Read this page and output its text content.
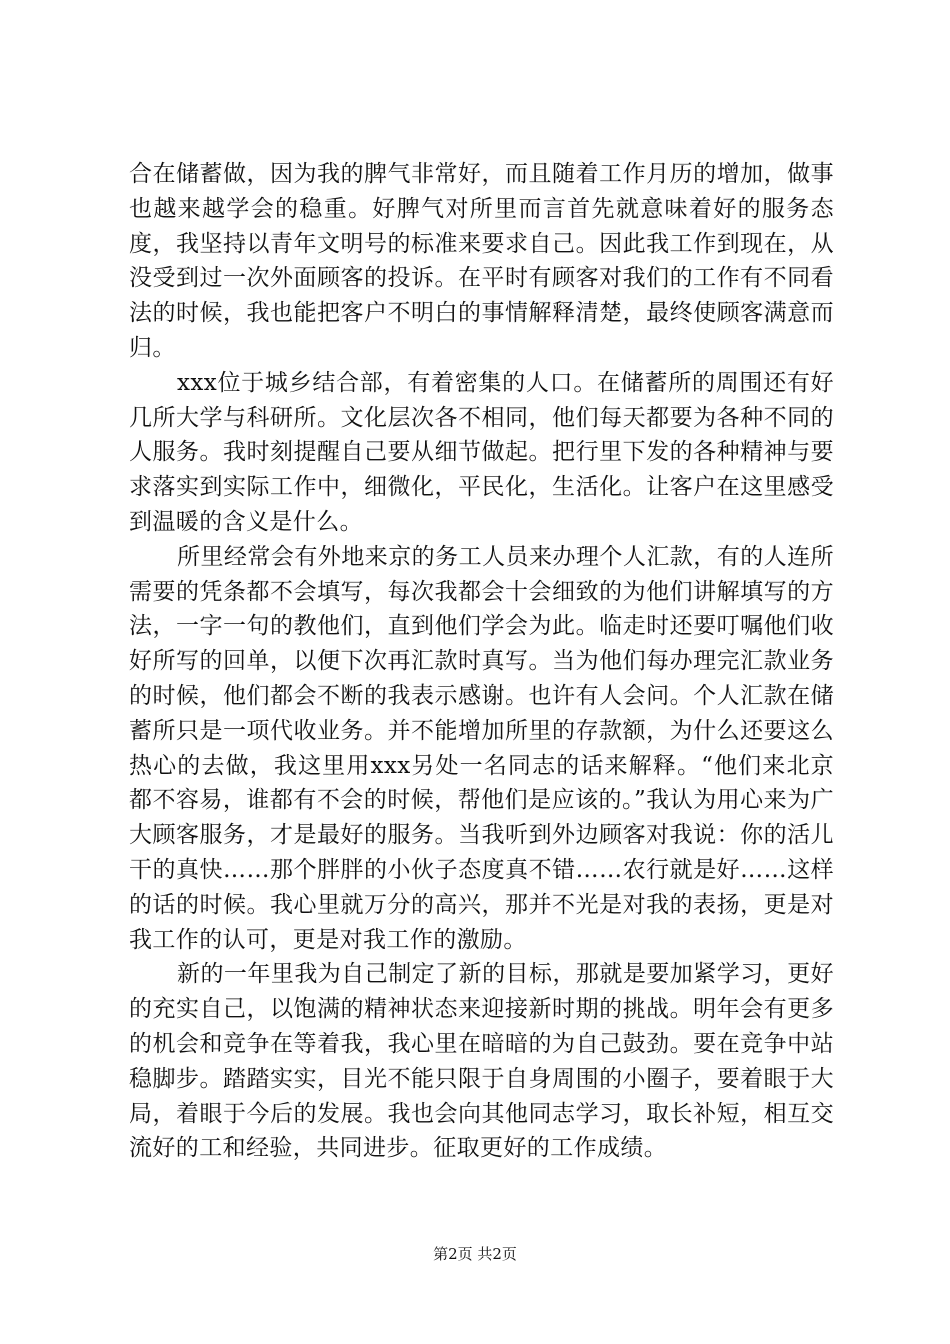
合在储蓄做，因为我的脾气非常好，而且随着工作月历的增加，做事也越来越学会的稳重。好脾气对所里而言首先就意味着好的服务态度，我坚持以青年文明号的标准来要求自己。因此我工作到现在，从没受到过一次外面顾客的投诉。在平时有顾客对我们的工作有不同看法的时候，我也能把客户不明白的事情解释清楚，最终使顾客满意而归。

xxx位于城乡结合部，有着密集的人口。在储蓄所的周围还有好几所大学与科研所。文化层次各不相同，他们每天都要为各种不同的人服务。我时刻提醒自己要从细节做起。把行里下发的各种精神与要求落实到实际工作中，细微化，平民化，生活化。让客户在这里感受到温暖的含义是什么。

所里经常会有外地来京的务工人员来办理个人汇款，有的人连所需要的凭条都不会填写，每次我都会十会细致的为他们讲解填写的方法，一字一句的教他们，直到他们学会为此。临走时还要叮嘱他们收好所写的回单，以便下次再汇款时真写。当为他们每办理完汇款业务的时候，他们都会不断的我表示感谢。也许有人会问。个人汇款在储蓄所只是一项代收业务。并不能增加所里的存款额，为什么还要这么热心的去做，我这里用xxx另处一名同志的话来解释。“他们来北京都不容易，谁都有不会的时候，帮他们是应该的。”我认为用心来为广大顾客服务，才是最好的服务。当我听到外边顾客对我说：你的活儿干的真快……那个胖胖的小伙子态度真不错……农行就是好……这样的话的时候。我心里就万分的高兴，那并不光是对我的表扬，更是对我工作的认可，更是对我工作的激励。

新的一年里我为自己制定了新的目标，那就是要加紧学习，更好的充实自己，以饱满的精神状态来迎接新时期的挑战。明年会有更多的机会和竞争在等着我，我心里在暗暗的为自己鼓劲。要在竞争中站稳脚步。踏踏实实，目光不能只限于自身周围的小圈子，要着眼于大局，着眼于今后的发展。我也会向其他同志学习，取长补短，相互交流好的工和经验，共同进步。征取更好的工作成绩。

第2页 共2页
